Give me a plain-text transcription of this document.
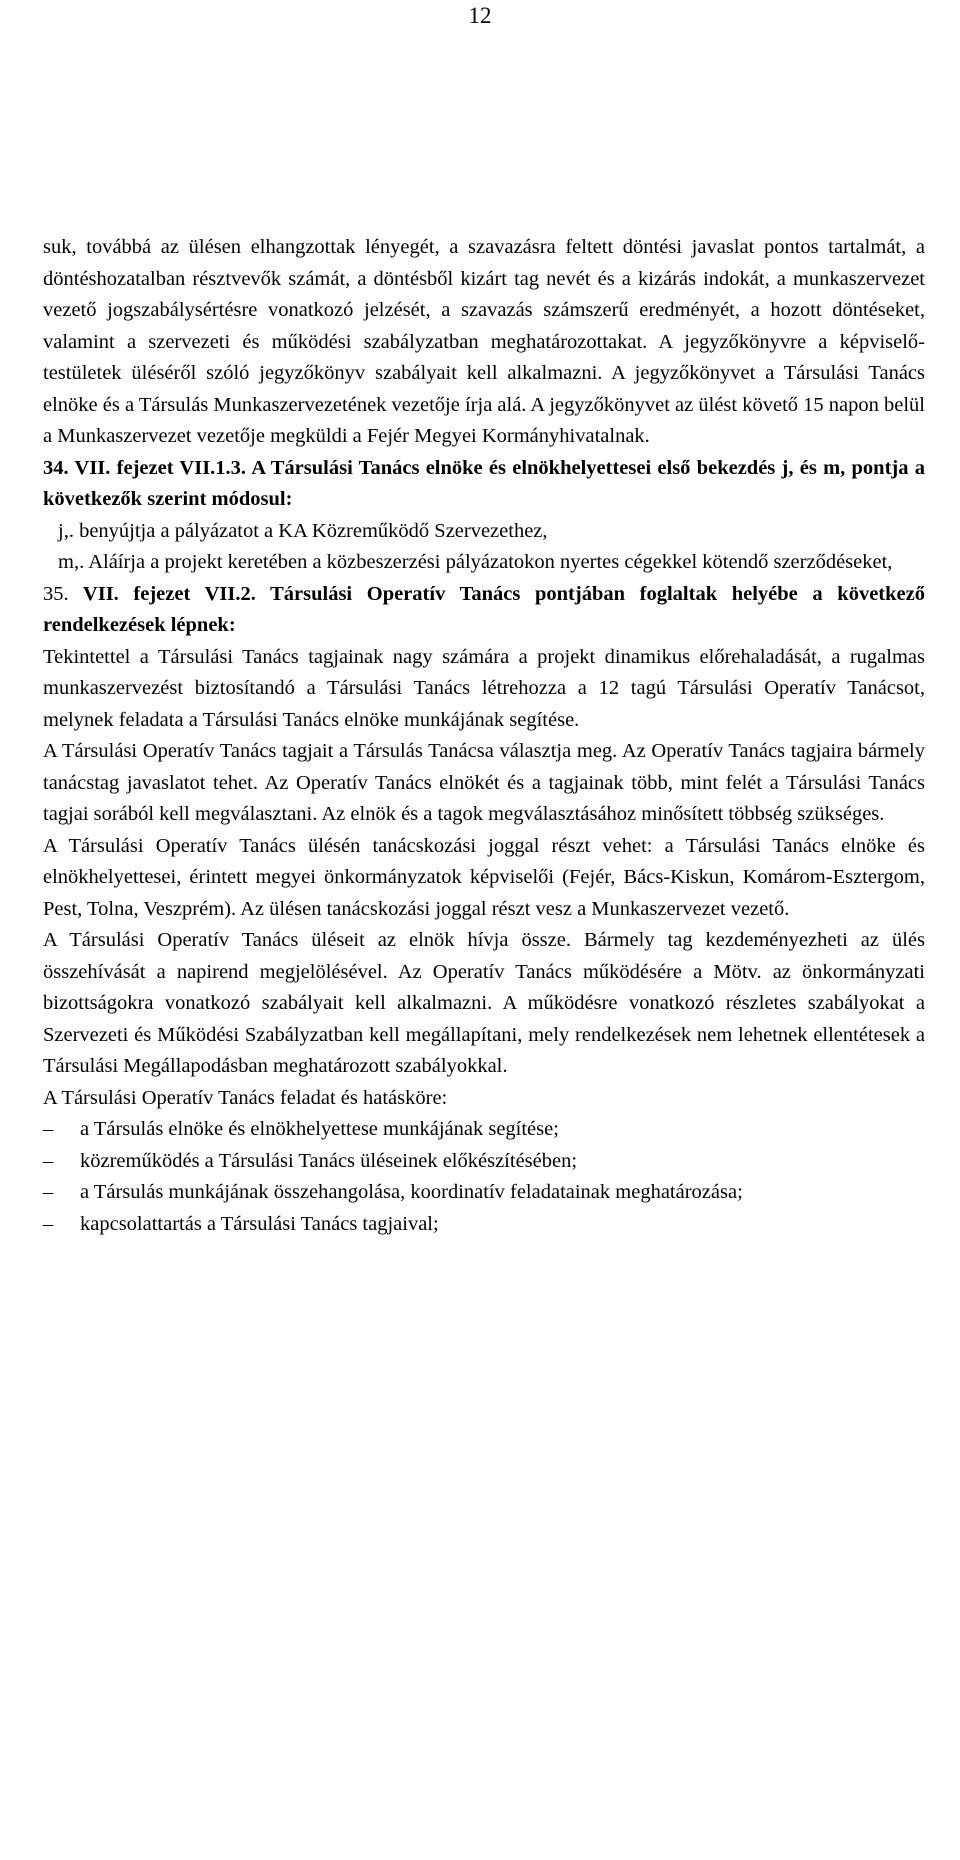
12

suk, továbbá az ülésen elhangzottak lényegét, a szavazásra feltett döntési javaslat pontos tartalmát, a döntéshozatalban résztvevők számát, a döntésből kizárt tag nevét és a kizárás indokát, a munkaszervezet vezető jogszabálysértésre vonatkozó jelzését, a szavazás számszerű eredményét, a hozott döntéseket, valamint a szervezeti és működési szabályzatban meghatározottakat. A jegyzőkönyvre a képviselő-testületek üléséről szóló jegyzőkönyv szabályait kell alkalmazni. A jegyzőkönyvet a Társulási Tanács elnöke és a Társulás Munkaszervezetének vezetője írja alá. A jegyzőkönyvet az ülést követő 15 napon belül a Munkaszervezet vezetője megküldi a Fejér Megyei Kormányhivatalnak.

34. VII. fejezet VII.1.3. A Társulási Tanács elnöke és elnökhelyettesei első bekezdés j, és m, pontja a következők szerint módosul:

j,. benyújtja a pályázatot a KA Közreműködő Szervezethez,

m,. Aláírja a projekt keretében a közbeszerzési pályázatokon nyertes cégekkel kötendő szerződéseket,

35. VII. fejezet VII.2. Társulási Operatív Tanács pontjában foglaltak helyébe a következő rendelkezések lépnek:

Tekintettel a Társulási Tanács tagjainak nagy számára a projekt dinamikus előrehaladását, a rugalmas munkaszervezést biztosítandó a Társulási Tanács létrehozza a 12 tagú Társulási Operatív Tanácsot, melynek feladata a Társulási Tanács elnöke munkájának segítése.

A Társulási Operatív Tanács tagjait a Társulás Tanácsa választja meg. Az Operatív Tanács tagjaira bármely tanácstag javaslatot tehet. Az Operatív Tanács elnökét és a tagjainak több, mint felét a Társulási Tanács tagjai sorából kell megválasztani. Az elnök és a tagok megválasztásához minősített többség szükséges.

A Társulási Operatív Tanács ülésén tanácskozási joggal részt vehet: a Társulási Tanács elnöke és elnökhelyettesei, érintett megyei önkormányzatok képviselői (Fejér, Bács-Kiskun, Komárom-Esztergom, Pest, Tolna, Veszprém). Az ülésen tanácskozási joggal részt vesz a Munkaszervezet vezető.

A Társulási Operatív Tanács üléseit az elnök hívja össze. Bármely tag kezdeményezheti az ülés összehívását a napirend megjelölésével. Az Operatív Tanács működésére a Mötv. az önkormányzati bizottságokra vonatkozó szabályait kell alkalmazni. A működésre vonatkozó részletes szabályokat a Szervezeti és Működési Szabályzatban kell megállapítani, mely rendelkezések nem lehetnek ellentétesek a Társulási Megállapodásban meghatározott szabályokkal.

A Társulási Operatív Tanács feladat és hatásköre:

–	a Társulás elnöke és elnökhelyettese munkájának segítése;
–	közreműködés a Társulási Tanács üléseinek előkészítésében;
–	a Társulás munkájának összehangolása, koordinatív feladatainak meghatározása;
–	kapcsolattartás a Társulási Tanács tagjaival;
